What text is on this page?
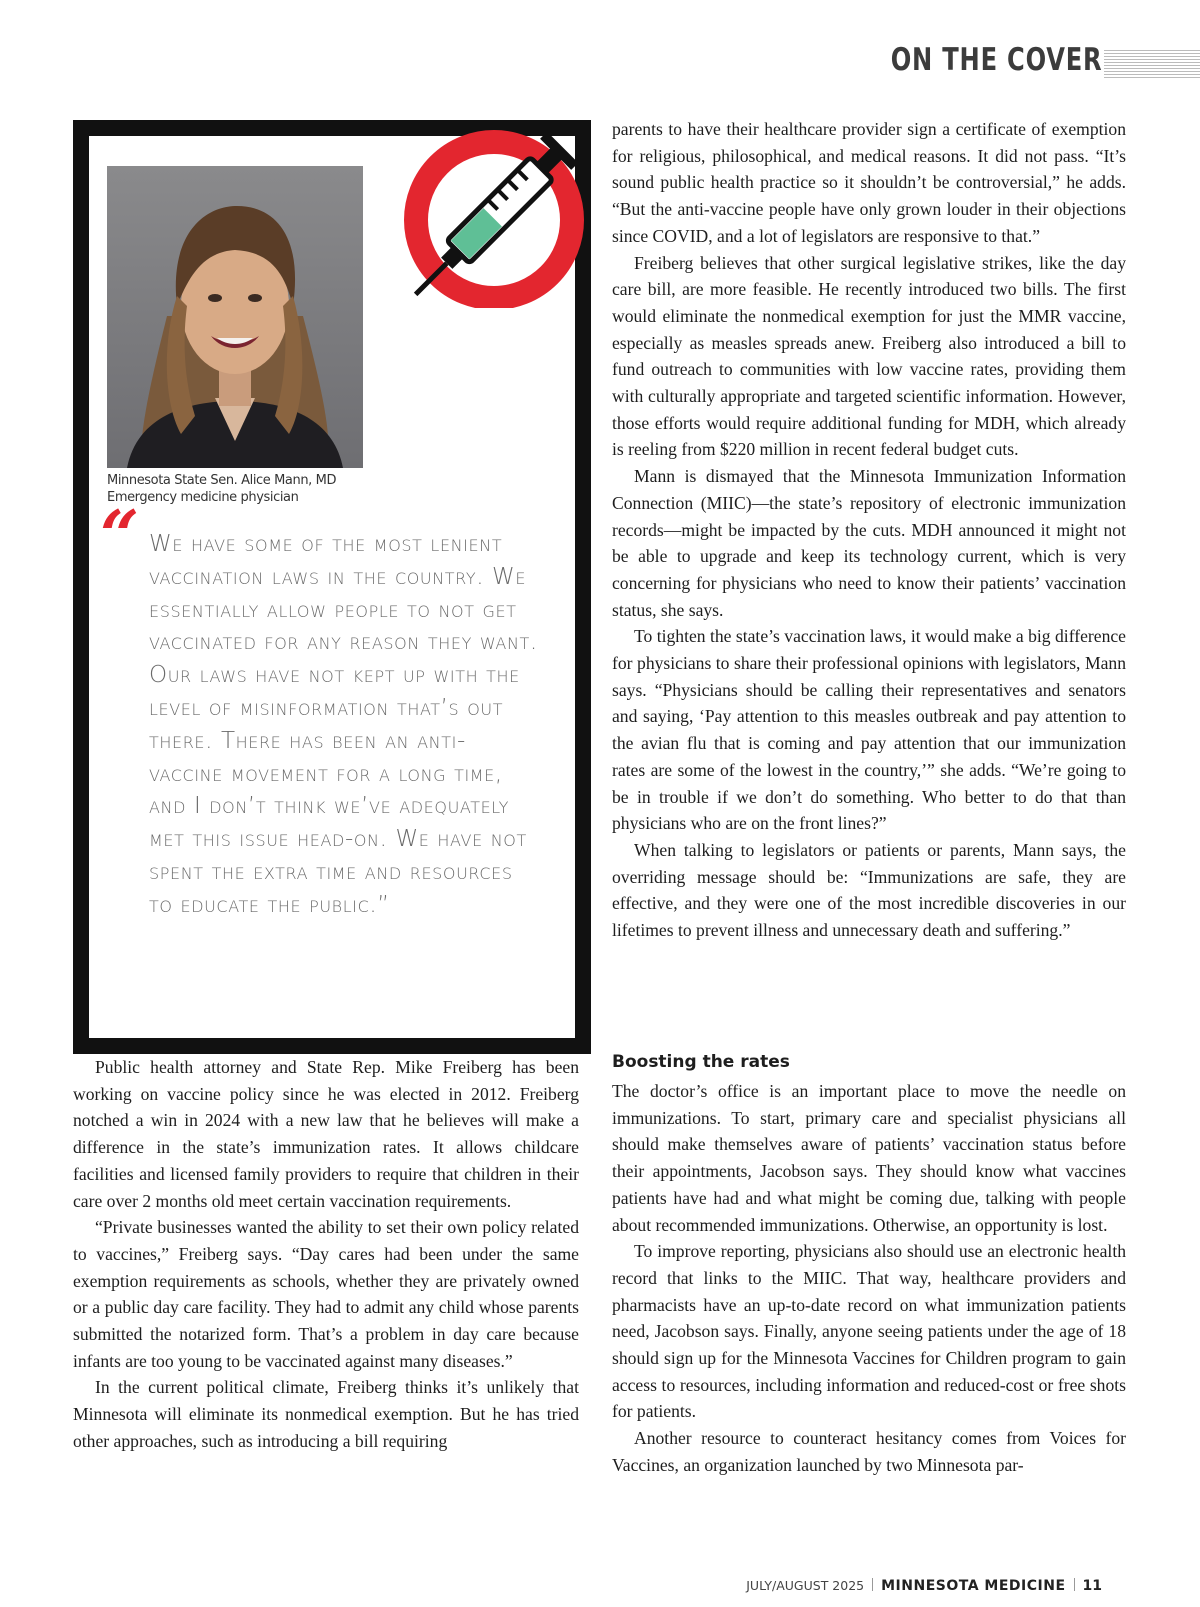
ON THE COVER
Minnesota State Sen. Alice Mann, MD
Emergency medicine physician
“ We have some of the most lenient vaccination laws in the country. We essentially allow people to not get vaccinated for any reason they want. Our laws have not kept up with the level of misinformation that’s out there. There has been an anti-vaccine movement for a long time, and I don’t think we’ve adequately met this issue head-on. We have not spent the extra time and resources to educate the public.”

Public health attorney and State Rep. Mike Freiberg has been working on vaccine policy since he was elected in 2012. Freiberg notched a win in 2024 with a new law that he believes will make a difference in the state’s immunization rates. It allows childcare facilities and licensed family providers to require that children in their care over 2 months old meet certain vaccination requirements.

“Private businesses wanted the ability to set their own policy related to vaccines,” Freiberg says. “Day cares had been under the same exemption requirements as schools, whether they are privately owned or a public day care facility. They had to admit any child whose parents submitted the notarized form. That’s a problem in day care because infants are too young to be vaccinated against many diseases.”

In the current political climate, Freiberg thinks it’s unlikely that Minnesota will eliminate its nonmedical exemption. But he has tried other approaches, such as introducing a bill requiring

parents to have their healthcare provider sign a certificate of exemption for religious, philosophical, and medical reasons. It did not pass. “It’s sound public health practice so it shouldn’t be controversial,” he adds. “But the anti-vaccine people have only grown louder in their objections since COVID, and a lot of legislators are responsive to that.”

Freiberg believes that other surgical legislative strikes, like the day care bill, are more feasible. He recently introduced two bills. The first would eliminate the nonmedical exemption for just the MMR vaccine, especially as measles spreads anew. Freiberg also introduced a bill to fund outreach to communities with low vaccine rates, providing them with culturally appropriate and targeted scientific information. However, those efforts would require additional funding for MDH, which already is reeling from $220 million in recent federal budget cuts.

Mann is dismayed that the Minnesota Immunization Information Connection (MIIC)—the state’s repository of electronic immunization records—might be impacted by the cuts. MDH announced it might not be able to upgrade and keep its technology current, which is very concerning for physicians who need to know their patients’ vaccination status, she says.

To tighten the state’s vaccination laws, it would make a big difference for physicians to share their professional opinions with legislators, Mann says. “Physicians should be calling their representatives and senators and saying, ‘Pay attention to this measles outbreak and pay attention to the avian flu that is coming and pay attention that our immunization rates are some of the lowest in the country,’” she adds. “We’re going to be in trouble if we don’t do something. Who better to do that than physicians who are on the front lines?”

When talking to legislators or patients or parents, Mann says, the overriding message should be: “Immunizations are safe, they are effective, and they were one of the most incredible discoveries in our lifetimes to prevent illness and unnecessary death and suffering.”

Boosting the rates

The doctor’s office is an important place to move the needle on immunizations. To start, primary care and specialist physicians all should make themselves aware of patients’ vaccination status before their appointments, Jacobson says. They should know what vaccines patients have had and what might be coming due, talking with people about recommended immunizations. Otherwise, an opportunity is lost.

To improve reporting, physicians also should use an electronic health record that links to the MIIC. That way, healthcare providers and pharmacists have an up-to-date record on what immunization patients need, Jacobson says. Finally, anyone seeing patients under the age of 18 should sign up for the Minnesota Vaccines for Children program to gain access to resources, including information and reduced-cost or free shots for patients.

Another resource to counteract hesitancy comes from Voices for Vaccines, an organization launched by two Minnesota par-

JULY/AUGUST 2025 MINNESOTA MEDICINE 11
